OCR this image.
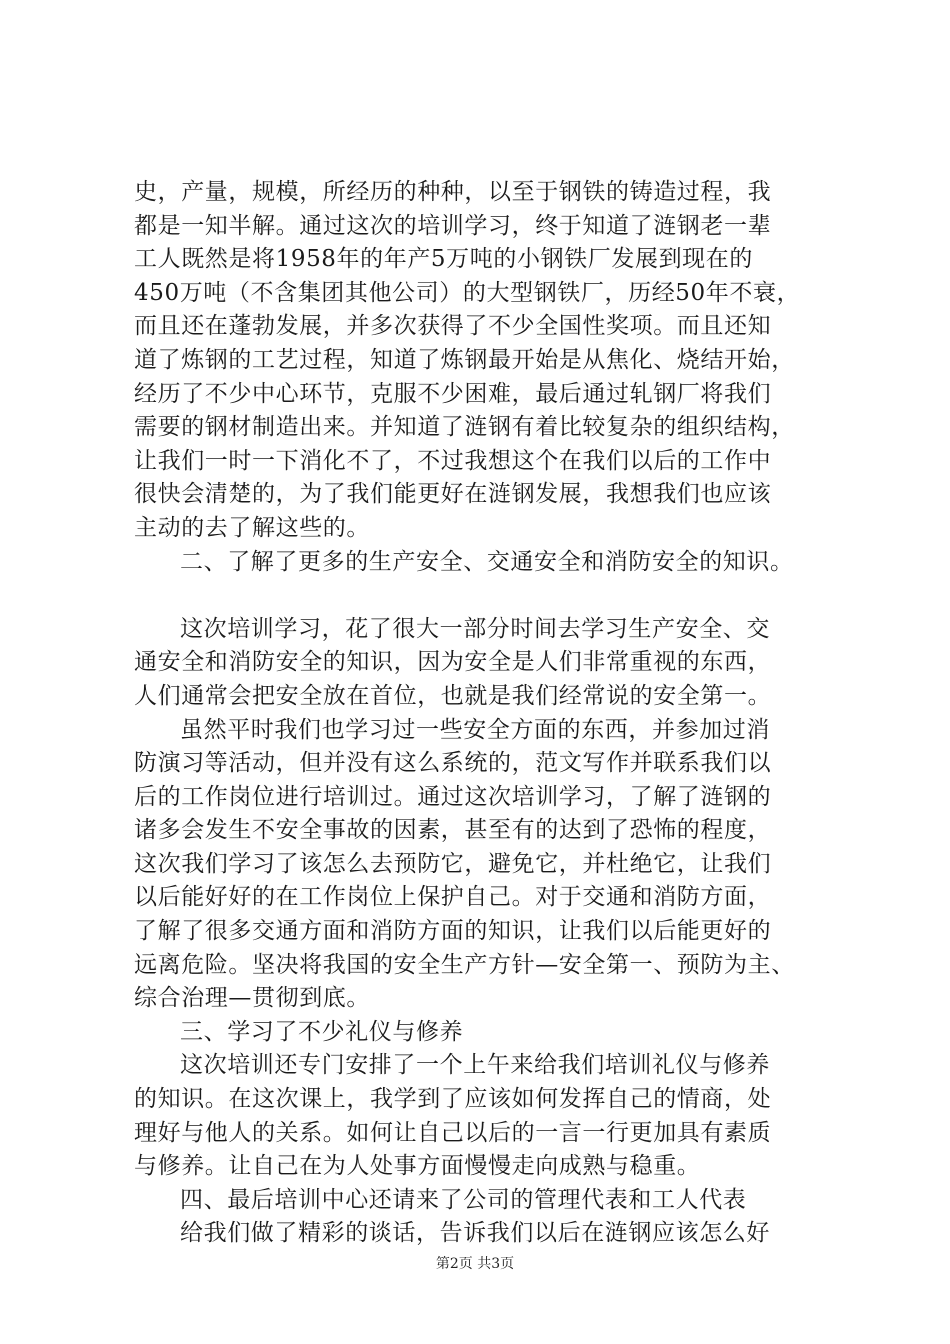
史，产量，规模，所经历的种种，以至于钢铁的铸造过程，我
都是一知半解。通过这次的培训学习，终于知道了涟钢老一辈
工人既然是将1958年的年产5万吨的小钢铁厂发展到现在的
450万吨（不含集团其他公司）的大型钢铁厂，历经50年不衰，
而且还在蓬勃发展，并多次获得了不少全国性奖项。而且还知
道了炼钢的工艺过程，知道了炼钢最开始是从焦化、烧结开始，
经历了不少中心环节，克服不少困难，最后通过轧钢厂将我们
需要的钢材制造出来。并知道了涟钢有着比较复杂的组织结构，
让我们一时一下消化不了，不过我想这个在我们以后的工作中
很快会清楚的，为了我们能更好在涟钢发展，我想我们也应该
主动的去了解这些的。
二、了解了更多的生产安全、交通安全和消防安全的知识。
这次培训学习，花了很大一部分时间去学习生产安全、交
通安全和消防安全的知识，因为安全是人们非常重视的东西，
人们通常会把安全放在首位，也就是我们经常说的安全第一。
虽然平时我们也学习过一些安全方面的东西，并参加过消
防演习等活动，但并没有这么系统的，范文写作并联系我们以
后的工作岗位进行培训过。通过这次培训学习，了解了涟钢的
诸多会发生不安全事故的因素，甚至有的达到了恐怖的程度，
这次我们学习了该怎么去预防它，避免它，并杜绝它，让我们
以后能好好的在工作岗位上保护自己。对于交通和消防方面，
了解了很多交通方面和消防方面的知识，让我们以后能更好的
远离危险。坚决将我国的安全生产方针—安全第一、预防为主、
综合治理—贯彻到底。
三、学习了不少礼仪与修养
这次培训还专门安排了一个上午来给我们培训礼仪与修养
的知识。在这次课上，我学到了应该如何发挥自己的情商，处
理好与他人的关系。如何让自己以后的一言一行更加具有素质
与修养。让自己在为人处事方面慢慢走向成熟与稳重。
四、最后培训中心还请来了公司的管理代表和工人代表
给我们做了精彩的谈话，告诉我们以后在涟钢应该怎么好
第2页 共3页
